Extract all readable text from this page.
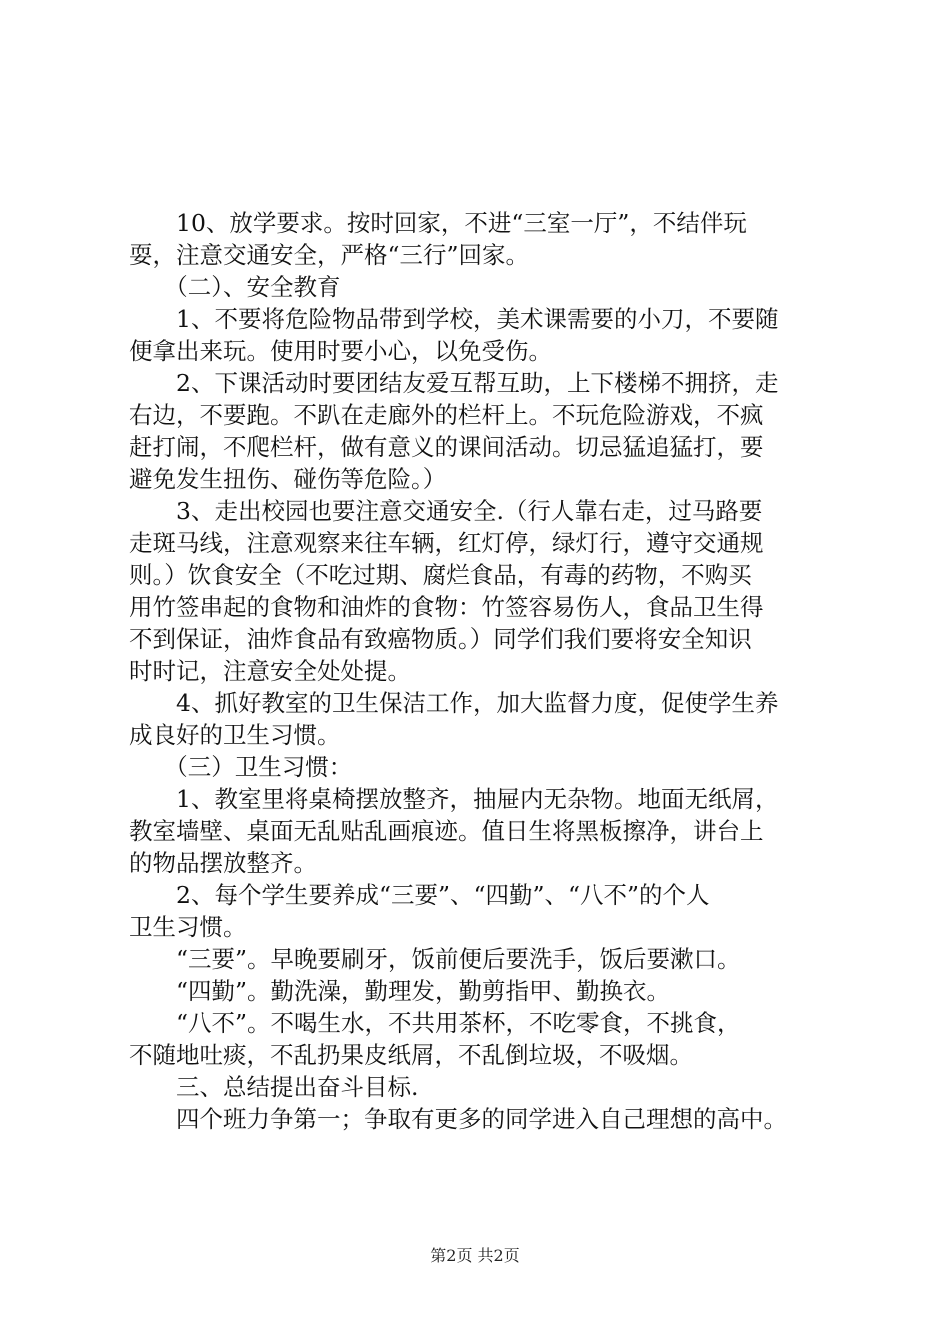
　　10、放学要求。按时回家，不进“三室一厅”，不结伴玩
耍，注意交通安全，严格“三行”回家。
　　（二）、安全教育
　　1、不要将危险物品带到学校，美术课需要的小刀，不要随
便拿出来玩。使用时要小心，以免受伤。
　　2、下课活动时要团结友爱互帮互助，上下楼梯不拥挤，走
右边，不要跑。不趴在走廊外的栏杆上。不玩危险游戏，不疯
赶打闹，不爬栏杆，做有意义的课间活动。切忌猛追猛打，要
避免发生扭伤、碰伤等危险。）
　　3、走出校园也要注意交通安全.（行人靠右走，过马路要
走斑马线，注意观察来往车辆，红灯停，绿灯行，遵守交通规
则。）饮食安全（不吃过期、腐烂食品，有毒的药物，不购买
用竹签串起的食物和油炸的食物：竹签容易伤人，食品卫生得
不到保证，油炸食品有致癌物质。）同学们我们要将安全知识
时时记，注意安全处处提。
　　4、抓好教室的卫生保洁工作，加大监督力度，促使学生养
成良好的卫生习惯。
　　（三）卫生习惯：
　　1、教室里将桌椅摆放整齐，抽屉内无杂物。地面无纸屑，
教室墙壁、桌面无乱贴乱画痕迹。值日生将黑板擦净，讲台上
的物品摆放整齐。
　　2、每个学生要养成“三要”、“四勤”、“八不”的个人
卫生习惯。
　　“三要”。早晚要刷牙，饭前便后要洗手，饭后要漱口。
　　“四勤”。勤洗澡，勤理发，勤剪指甲、勤换衣。
　　“八不”。不喝生水，不共用茶杯，不吃零食，不挑食，
不随地吐痰，不乱扔果皮纸屑，不乱倒垃圾，不吸烟。
　　三、总结提出奋斗目标.
　　四个班力争第一；争取有更多的同学进入自己理想的高中。
第2页 共2页
